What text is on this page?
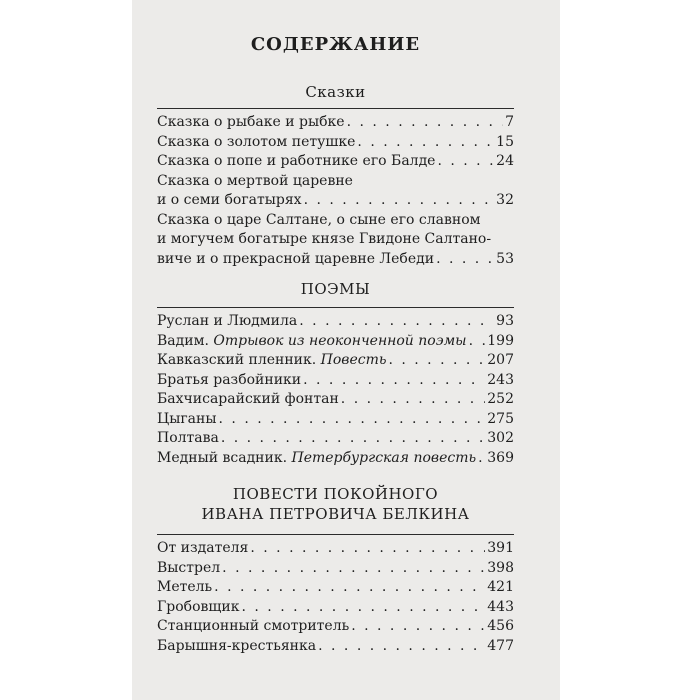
СОДЕРЖАНИЕ
Сказки
Сказка о рыбаке и рыбке . . .	7
Сказка о золотом петушке . . .	15
Сказка о попе и работнике его Балде . . .	24
Сказка о мертвой царевне
и о семи богатырях . . .	32
Сказка о царе Салтане, о сыне его славном
и могучем богатыре князе Гвидоне Салтано-
виче и о прекрасной царевне Лебеди . . .	53
ПОЭМЫ
Руслан и Людмила . . .	93
Вадим. Отрывок из неоконченной поэмы . . . 199
Кавказский пленник. Повесть . . .	207
Братья разбойники . . .	243
Бахчисарайский фонтан . . .	252
Цыганы . . .	275
Полтава . . .	302
Медный всадник. Петербургская повесть . . . 369
ПОВЕСТИ ПОКОЙНОГО
ИВАНА ПЕТРОВИЧА БЕЛКИНА
От издателя . . .	391
Выстрел . . .	398
Метель . . .	421
Гробовщик . . .	443
Станционный смотритель . . .	456
Барышня-крестьянка . . .	477
